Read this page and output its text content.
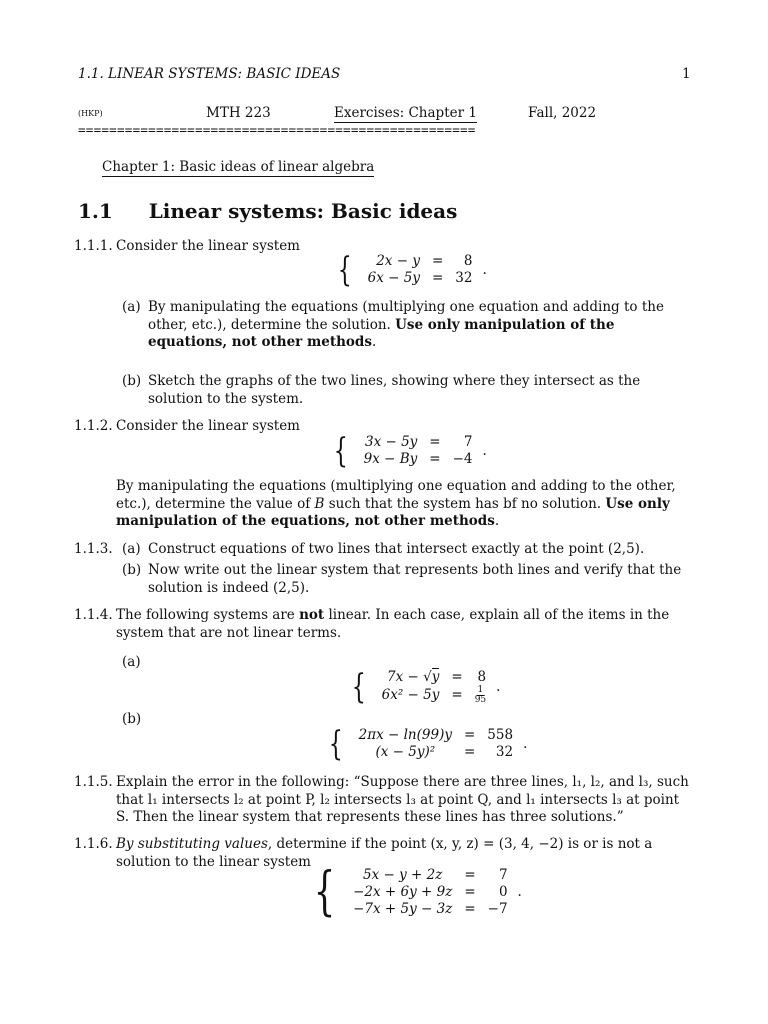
1.1. LINEAR SYSTEMS: BASIC IDEAS	1
(HKP)	MTH 223	Exercises: Chapter 1	Fall, 2022
===================================================
Chapter 1: Basic ideas of linear algebra
1.1 Linear systems: Basic ideas
1.1.1. Consider the linear system
{ 2x − y	=	8
6x − 5y	=	32 .
(a) By manipulating the equations (multiplying one equation and adding to the other, etc.), determine the solution. Use only manipulation of the equations, not other methods.
(b) Sketch the graphs of the two lines, showing where they intersect as the solution to the system.
1.1.2. Consider the linear system
{ 3x − 5y	=	7
9x − By	=	−4 .
By manipulating the equations (multiplying one equation and adding to the other, etc.), determine the value of B such that the system has bf no solution. Use only manipulation of the equations, not other methods.
1.1.3. (a) Construct equations of two lines that intersect exactly at the point (2,5).
(b) Now write out the linear system that represents both lines and verify that the solution is indeed (2,5).
1.1.4. The following systems are not linear. In each case, explain all of the items in the system that are not linear terms.
(a)
{ 7x − √y	=	8
6x² − 5y	=	$\frac{1}{95}$ .
(b)
{ 2πx − ln(99)y	=	558
(x − 5y)²	=	32 .
1.1.5. Explain the error in the following: “Suppose there are three lines, l₁, l₂, and l₃, such that l₁ intersects l₂ at point P, l₂ intersects l₃ at point Q, and l₁ intersects l₃ at point S. Then the linear system that represents these lines has three solutions.”
1.1.6. By substituting values, determine if the point (x, y, z) = (3, 4, −2) is or is not a solution to the linear system
{ 5x − y + 2z	=	7
−2x + 6y + 9z	=	0
−7x + 5y − 3z	=	−7
.
